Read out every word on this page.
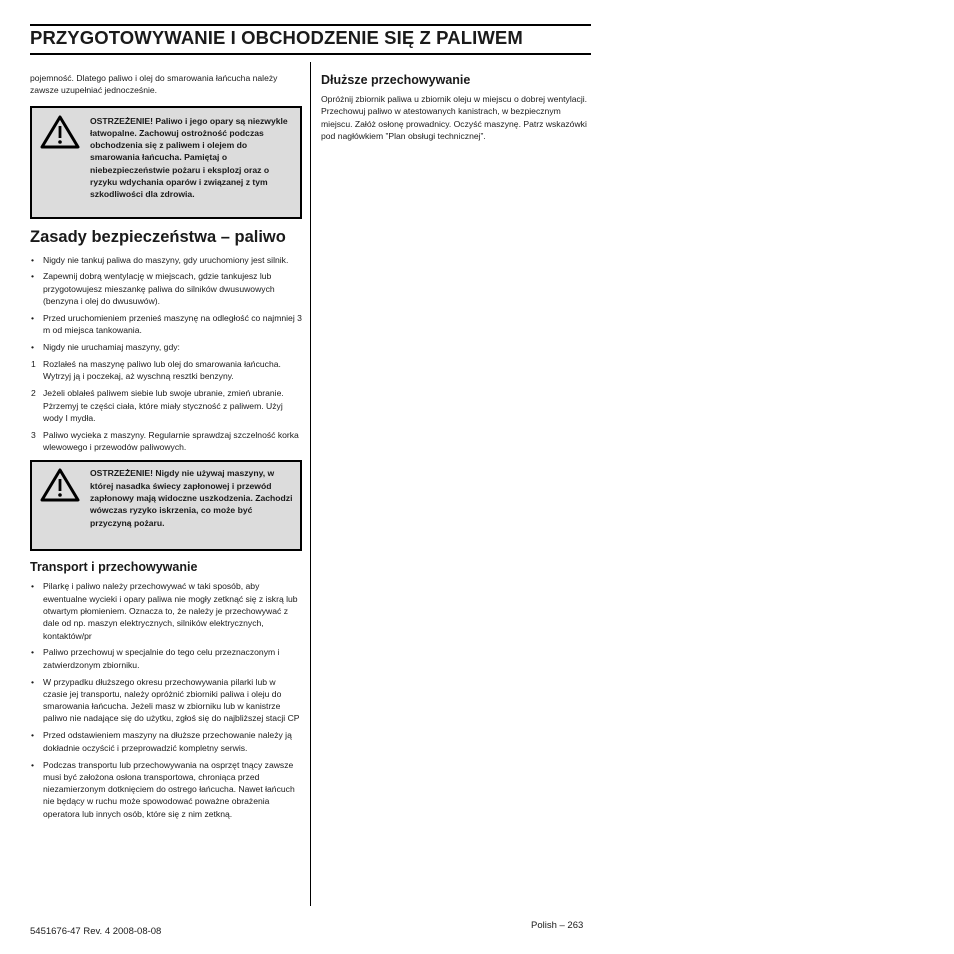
PRZYGOTOWYWANIE I OBCHODZENIE SIĘ Z PALIWEM

pojemność. Dlatego paliwo i olej do smarowania łańcucha należy zawsze uzupełniać jednocześnie.

OSTRZEŻENIE! Paliwo i jego opary są niezwykle łatwopalne. Zachowuj ostrożność podczas obchodzenia się z paliwem i olejem do smarowania łańcucha. Pamiętaj o niebezpieczeństwie pożaru i eksplozj oraz o ryzyku wdychania oparów i związanej z tym szkodliwości dla zdrowia.

Zasady bezpieczeństwa – paliwo
• Nigdy nie tankuj paliwa do maszyny, gdy uruchomiony jest silnik.
• Zapewnij dobrą wentylację w miejscach, gdzie tankujesz lub przygotowujesz mieszankę paliwa do silników dwusuwowych (benzyna i olej do dwusuwów).
• Przed uruchomieniem przenieś maszynę na odległość co najmniej 3 m od miejsca tankowania.
• Nigdy nie uruchamiaj maszyny, gdy:
1 Rozlałeś na maszynę paliwo lub olej do smarowania łańcucha. Wytrzyj ją i poczekaj, aż wyschną resztki benzyny.
2 Jeżeli oblałeś paliwem siebie lub swoje ubranie, zmień ubranie. Pżrzemyj te części ciała, które miały styczność z paliwem. Użyj wody I mydła.
3 Paliwo wycieka z maszyny. Regularnie sprawdzaj szczelność korka wlewowego i przewodów paliwowych.

OSTRZEŻENIE! Nigdy nie używaj maszyny, w której nasadka świecy zapłonowej i przewód zapłonowy mają widoczne uszkodzenia. Zachodzi wówczas ryzyko iskrzenia, co może być przyczyną pożaru.

Transport i przechowywanie
• Pilarkę i paliwo należy przechowywać w taki sposób, aby ewentualne wycieki i opary paliwa nie mogły zetknąć się z iskrą lub otwartym płomieniem. Oznacza to, że należy je przechowywać z dale od np. maszyn elektrycznych, silników elektrycznych, kontaktów/pr
• Paliwo przechowuj w specjalnie do tego celu przeznaczonym i zatwierdzonym zbiorniku.
• W przypadku dłuższego okresu przechowywania pilarki lub w czasie jej transportu, należy opróżnić zbiorniki paliwa i oleju do smarowania łańcucha. Jeżeli masz w zbiorniku lub w kanistrze paliwo nie nadające się do użytku, zgłoś się do najbliższej stacji CP
• Przed odstawieniem maszyny na dłuższe przechowanie należy ją dokładnie oczyścić i przeprowadzić kompletny serwis.
• Podczas transportu lub przechowywania na osprzęt tnący zawsze musi być założona osłona transportowa, chroniąca przed niezamierzonym dotknięciem do ostrego łańcucha. Nawet łańcuch nie będący w ruchu może spowodować poważne obrażenia operatora lub innych osób, które się z nim zetkną.
Dłuższe przechowywanie

Opróżnij zbiornik paliwa u zbiornik oleju w miejscu o dobrej wentylacji. Przechowuj paliwo w atestowanych kanistrach, w bezpiecznym miejscu. Załóż osłonę prowadnicy. Oczyść maszynę. Patrz wskazówki pod nagłówkiem ”Plan obsługi technicznej”.

5451676-47 Rev. 4 2008-08-08
Polish – 263
